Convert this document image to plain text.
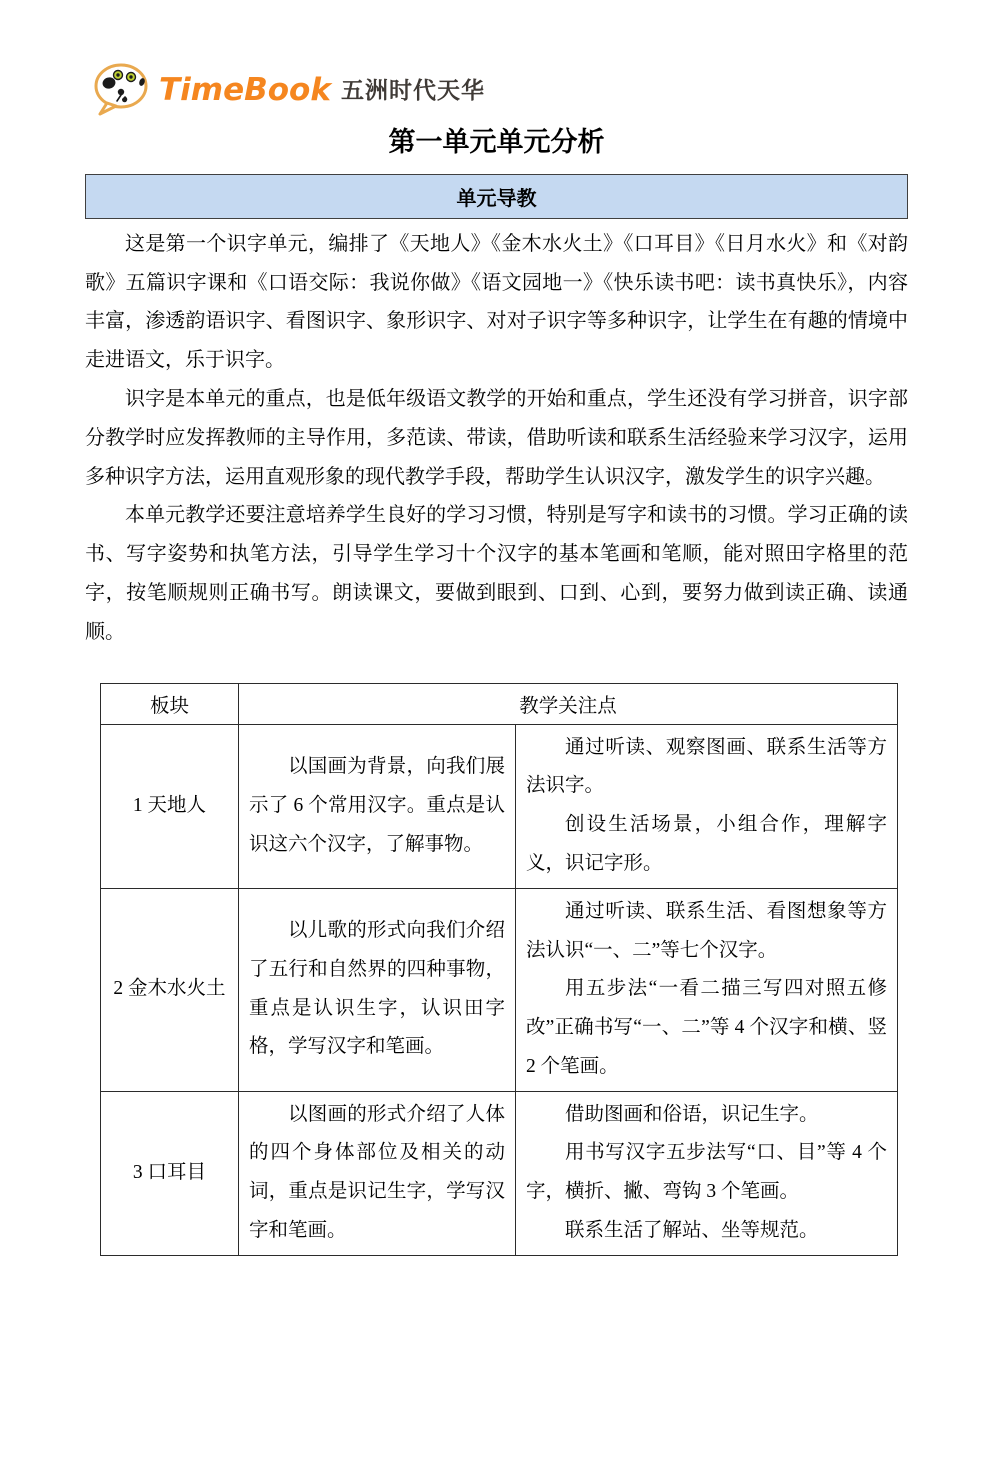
TimeBook 五洲时代天华
第一单元单元分析
单元导教

这是第一个识字单元，编排了《天地人》《金木水火土》《口耳目》《日月水火》和《对韵歌》五篇识字课和《口语交际：我说你做》《语文园地一》《快乐读书吧：读书真快乐》，内容丰富，渗透韵语识字、看图识字、象形识字、对对子识字等多种识字，让学生在有趣的情境中走进语文，乐于识字。

识字是本单元的重点，也是低年级语文教学的开始和重点，学生还没有学习拼音，识字部分教学时应发挥教师的主导作用，多范读、带读，借助听读和联系生活经验来学习汉字，运用多种识字方法，运用直观形象的现代教学手段，帮助学生认识汉字，激发学生的识字兴趣。

本单元教学还要注意培养学生良好的学习习惯，特别是写字和读书的习惯。学习正确的读书、写字姿势和执笔方法，引导学生学习十个汉字的基本笔画和笔顺，能对照田字格里的范字，按笔顺规则正确书写。朗读课文，要做到眼到、口到、心到，要努力做到读正确、读通顺。

板块	教学关注点	
1 天地人	以国画为背景，向我们展示了 6 个常用汉字。重点是认识这六个汉字，了解事物。	通过听读、观察图画、联系生活等方法识字。

创设生活场景，小组合作，理解字义，识记字形。

2 金木水火土	以儿歌的形式向我们介绍了五行和自然界的四种事物，重点是认识生字，认识田字格，学写汉字和笔画。	通过听读、联系生活、看图想象等方法认识“一、二”等七个汉字。

用五步法“一看二描三写四对照五修改”正确书写“一、二”等 4 个汉字和横、竖 2 个笔画。

3 口耳目	以图画的形式介绍了人体的四个身体部位及相关的动词，重点是识记生字，学写汉字和笔画。	借助图画和俗语，识记生字。

用书写汉字五步法写“口、目”等 4 个字，横折、撇、弯钩 3 个笔画。

联系生活了解站、坐等规范。
